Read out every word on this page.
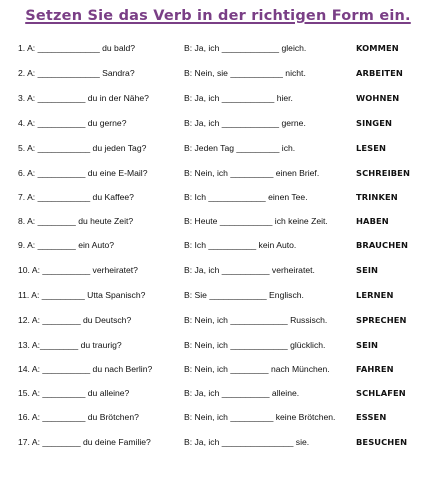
Setzen Sie das Verb in der richtigen Form ein.
1. A: _____________ du bald?	B: Ja, ich ____________ gleich.	KOMMEN
2. A: _____________ Sandra?	B: Nein, sie ___________ nicht.	ARBEITEN
3. A: __________ du in der Nähe?	B: Ja, ich ___________ hier.	WOHNEN
4. A: __________ du gerne?	B: Ja, ich ____________ gerne.	SINGEN
5. A: ___________ du jeden Tag?	B: Jeden Tag _________ ich.	LESEN
6. A: __________ du eine E-Mail?	B: Nein, ich _________ einen Brief.	SCHREIBEN
7. A: ___________ du Kaffee?	B: Ich ____________ einen Tee.	TRINKEN
8. A: ________ du heute Zeit?	B: Heute ___________ ich keine Zeit.	HABEN
9. A: ________ ein Auto?	B: Ich __________ kein Auto.	BRAUCHEN
10. A: __________ verheiratet?	B: Ja, ich __________ verheiratet.	SEIN
11. A: _________ Utta Spanisch?	B: Sie ____________ Englisch.	LERNEN
12. A: ________ du Deutsch?	B: Nein, ich ____________ Russisch.	SPRECHEN
13. A:________ du traurig?	B: Nein, ich ____________ glücklich.	SEIN
14. A: __________ du nach Berlin?	B: Nein, ich ________ nach München.	FAHREN
15. A: _________ du alleine?	B: Ja, ich __________ alleine.	SCHLAFEN
16. A: _________ du Brötchen?	B: Nein, ich _________ keine Brötchen. ESSEN
17. A: ________ du deine Familie?	B: Ja, ich _______________ sie.	BESUCHEN
